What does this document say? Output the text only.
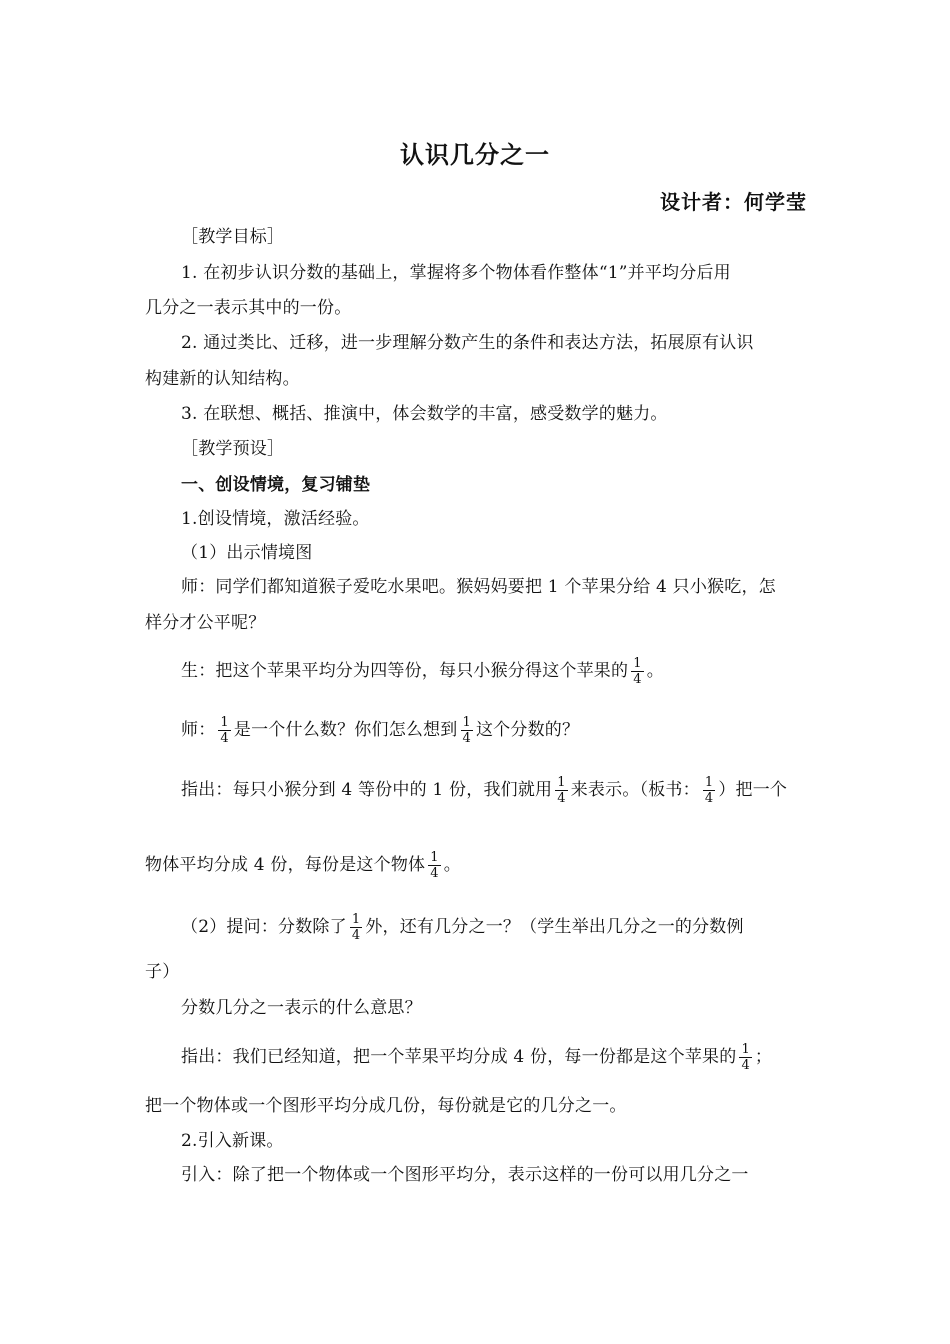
认识几分之一
设计者：何学莹
［教学目标］
1. 在初步认识分数的基础上，掌握将多个物体看作整体“1”并平均分后用
几分之一表示其中的一份。
2. 通过类比、迁移，进一步理解分数产生的条件和表达方法，拓展原有认识
构建新的认知结构。
3. 在联想、概括、推演中，体会数学的丰富，感受数学的魅力。
［教学预设］
一、创设情境，复习铺垫
1.创设情境，激活经验。
（1）出示情境图
师：同学们都知道猴子爱吃水果吧。猴妈妈要把 1 个苹果分给 4 只小猴吃，怎
样分才公平呢？
生：把这个苹果平均分为四等份，每只小猴分得这个苹果的 $\frac{1}{4}$ 。
师： $\frac{1}{4}$ 是一个什么数？你们怎么想到 $\frac{1}{4}$ 这个分数的？
指出：每只小猴分到 4 等份中的 1 份，我们就用 $\frac{1}{4}$ 来表示。（板书： $\frac{1}{4}$ ）把一个
物体平均分成 4 份，每份是这个物体 $\frac{1}{4}$ 。
（2）提问：分数除了 $\frac{1}{4}$ 外，还有几分之一？（学生举出几分之一的分数例
子）
分数几分之一表示的什么意思？
指出：我们已经知道，把一个苹果平均分成 4 份，每一份都是这个苹果的 $\frac{1}{4}$ ；
把一个物体或一个图形平均分成几份，每份就是它的几分之一。
2.引入新课。
引入：除了把一个物体或一个图形平均分，表示这样的一份可以用几分之一
